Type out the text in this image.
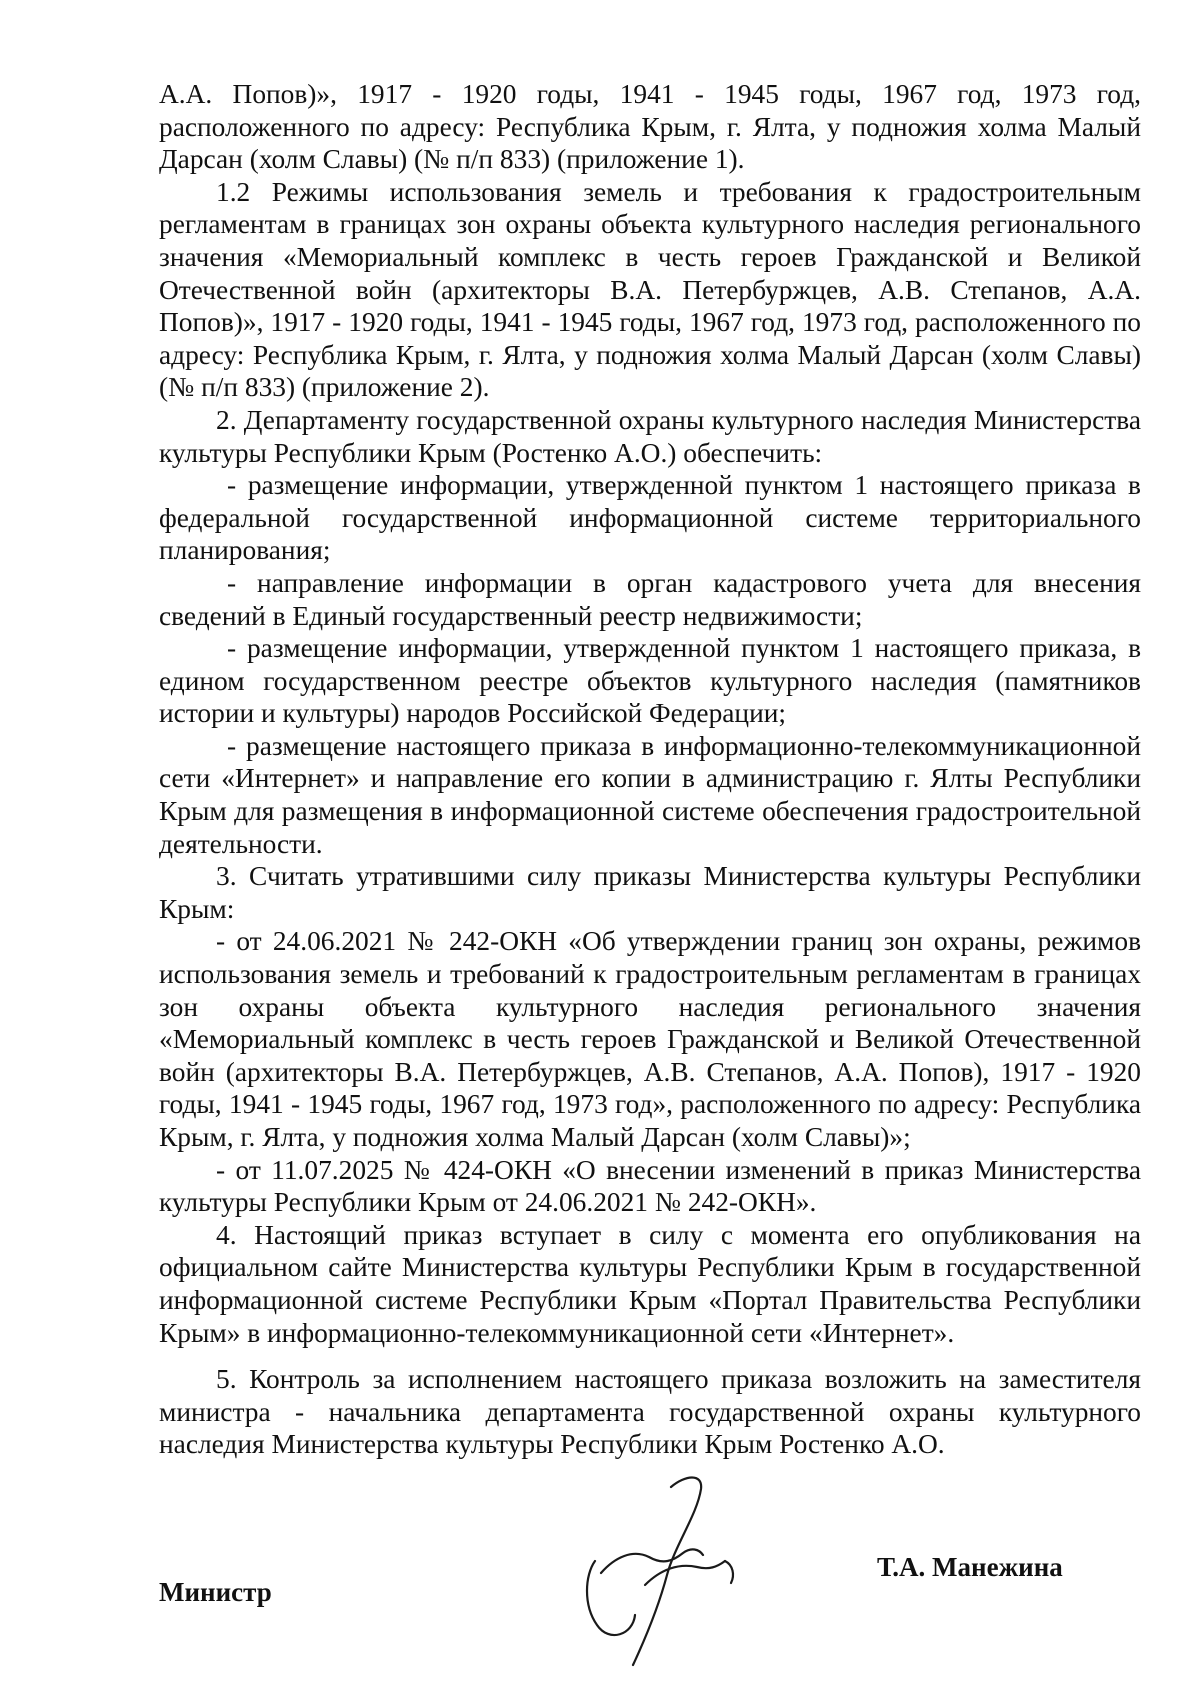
А.А. Попов)», 1917 - 1920 годы, 1941 - 1945 годы, 1967 год, 1973 год, расположенного по адресу: Республика Крым, г. Ялта, у подножия холма Малый Дарсан (холм Славы) (№ п/п 833) (приложение 1).

1.2 Режимы использования земель и требования к градостроительным регламентам в границах зон охраны объекта культурного наследия регионального значения «Мемориальный комплекс в честь героев Гражданской и Великой Отечественной войн (архитекторы В.А. Петербуржцев, А.В. Степанов, А.А. Попов)», 1917 - 1920 годы, 1941 - 1945 годы, 1967 год, 1973 год, расположенного по адресу: Республика Крым, г. Ялта, у подножия холма Малый Дарсан (холм Славы) (№ п/п 833) (приложение 2).

2. Департаменту государственной охраны культурного наследия Министерства культуры Республики Крым (Ростенко А.О.) обеспечить:

- размещение информации, утвержденной пунктом 1 настоящего приказа в федеральной государственной информационной системе территориального планирования;

- направление информации в орган кадастрового учета для внесения сведений в Единый государственный реестр недвижимости;

- размещение информации, утвержденной пунктом 1 настоящего приказа, в едином государственном реестре объектов культурного наследия (памятников истории и культуры) народов Российской Федерации;

- размещение настоящего приказа в информационно-телекоммуникационной сети «Интернет» и направление его копии в администрацию г. Ялты Республики Крым для размещения в информационной системе обеспечения градостроительной деятельности.

3. Считать утратившими силу приказы Министерства культуры Республики Крым:

- от 24.06.2021 № 242-ОКН «Об утверждении границ зон охраны, режимов использования земель и требований к градостроительным регламентам в границах зон охраны объекта культурного наследия регионального значения «Мемориальный комплекс в честь героев Гражданской и Великой Отечественной войн (архитекторы В.А. Петербуржцев, А.В. Степанов, А.А. Попов), 1917 - 1920 годы, 1941 - 1945 годы, 1967 год, 1973 год», расположенного по адресу: Республика Крым, г. Ялта, у подножия холма Малый Дарсан (холм Славы)»;

- от 11.07.2025 № 424-ОКН «О внесении изменений в приказ Министерства культуры Республики Крым от 24.06.2021 № 242-ОКН».

4. Настоящий приказ вступает в силу с момента его опубликования на официальном сайте Министерства культуры Республики Крым в государственной информационной системе Республики Крым «Портал Правительства Республики Крым» в информационно-телекоммуникационной сети «Интернет».

5. Контроль за исполнением настоящего приказа возложить на заместителя министра - начальника департамента государственной охраны культурного наследия Министерства культуры Республики Крым Ростенко А.О.

Министр
Т.А. Манежина
